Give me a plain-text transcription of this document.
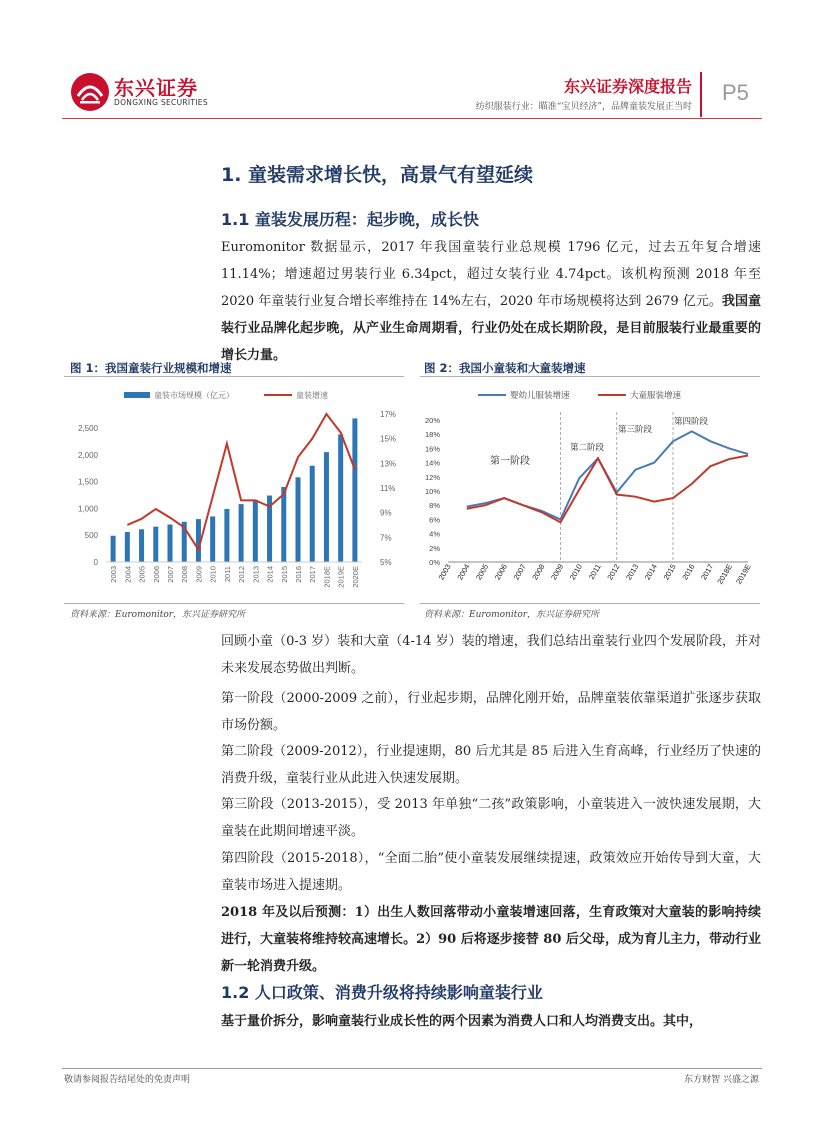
东兴证券
DONGXING SECURITIES
东兴证券深度报告
纺织服装行业：瞄准“宝贝经济”，品牌童装发展正当时
P5
1. 童装需求增长快，高景气有望延续
1.1 童装发展历程：起步晚，成长快
Euromonitor 数据显示，2017 年我国童装行业总规模 1796 亿元，过去五年复合增速 11.14%；增速超过男装行业 6.34pct，超过女装行业 4.74pct。该机构预测 2018 年至 2020 年童装行业复合增长率维持在 14%左右，2020 年市场规模将达到 2679 亿元。我国童装行业品牌化起步晚，从产业生命周期看，行业仍处在成长期阶段，是目前服装行业最重要的增长力量。
图 1：我国童装行业规模和增速
童装市场规模（亿元）	童装增速
0
500
1,000
1,500
2,000
2,500
5%
7%
9%
11%
13%
15%
17%
2003 2004 2005 2006 2007 2008 2009 2010 2011 2012 2013 2014 2015 2016 2017 2018E 2019E 2020E
资料来源：Euromonitor，东兴证券研究所
图 2：我国小童装和大童装增速
婴幼儿服装增速	大童服装增速
0%
2%
4%
6%
8%
10%
12%
14%
16%
18%
20%
第一阶段
第二阶段
第三阶段
第四阶段
2003 2004 2005 2006 2007 2008 2009 2010 2011 2012 2013 2014 2015 2016 2017 2018E 2019E
资料来源：Euromonitor，东兴证券研究所
回顾小童（0-3 岁）装和大童（4-14 岁）装的增速，我们总结出童装行业四个发展阶段，并对未来发展态势做出判断。
第一阶段（2000-2009 之前），行业起步期，品牌化刚开始，品牌童装依靠渠道扩张逐步获取市场份额。
第二阶段（2009-2012），行业提速期，80 后尤其是 85 后进入生育高峰，行业经历了快速的消费升级，童装行业从此进入快速发展期。
第三阶段（2013-2015），受 2013 年单独“二孩”政策影响，小童装进入一波快速发展期，大童装在此期间增速平淡。
第四阶段（2015-2018），“全面二胎”使小童装发展继续提速，政策效应开始传导到大童，大童装市场进入提速期。
2018 年及以后预测：1）出生人数回落带动小童装增速回落，生育政策对大童装的影响持续进行，大童装将维持较高速增长。2）90 后将逐步接替 80 后父母，成为育儿主力，带动行业新一轮消费升级。
1.2 人口政策、消费升级将持续影响童装行业
基于量价拆分，影响童装行业成长性的两个因素为消费人口和人均消费支出。其中，
敬请参阅报告结尾处的免责声明	东方财智 兴盛之源
